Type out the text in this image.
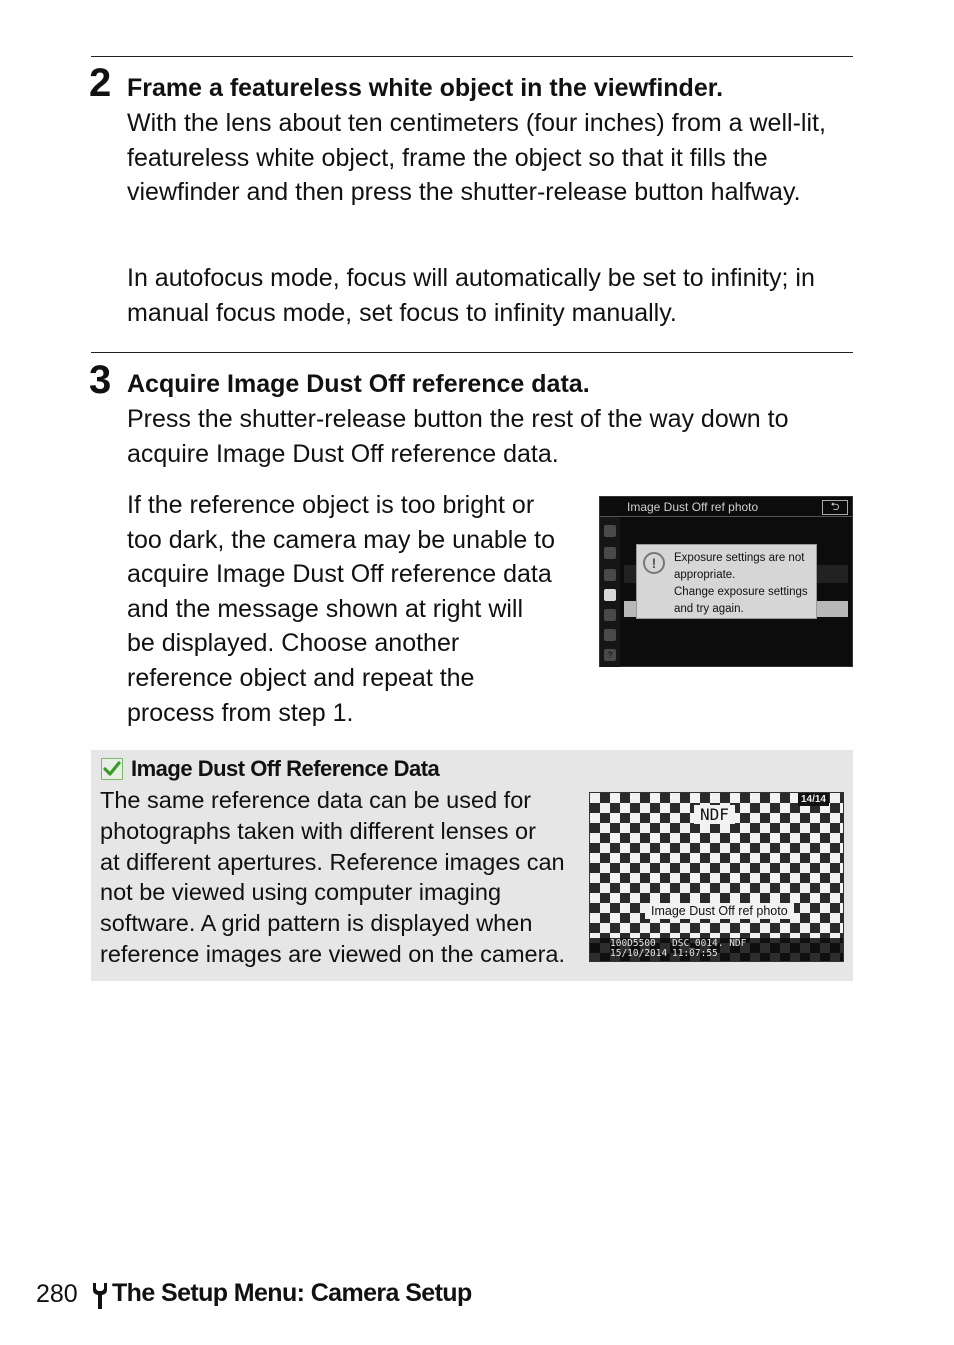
2 Frame a featureless white object in the viewfinder.

With the lens about ten centimeters (four inches) from a well-lit, featureless white object, frame the object so that it fills the viewfinder and then press the shutter-release button halfway.

In autofocus mode, focus will automatically be set to infinity; in manual focus mode, set focus to infinity manually.

3 Acquire Image Dust Off reference data.

Press the shutter-release button the rest of the way down to acquire Image Dust Off reference data.

If the reference object is too bright or
too dark, the camera may be unable to
acquire Image Dust Off reference data
and the message shown at right will
be displayed. Choose another
reference object and repeat the
process from step 1.
Image Dust Off ref photo	⮌
?
!	Exposure settings are not
appropriate.
Change exposure settings
and try again.
Image Dust Off Reference Data
The same reference data can be used for
photographs taken with different lenses or
at different apertures. Reference images can
not be viewed using computer imaging
software. A grid pattern is displayed when
reference images are viewed on the camera.
14/14
NDF
Image Dust Off ref photo
100D5500 DSC_0014. NDF
15/10/2014 11:07:55
280 The Setup Menu: Camera Setup
